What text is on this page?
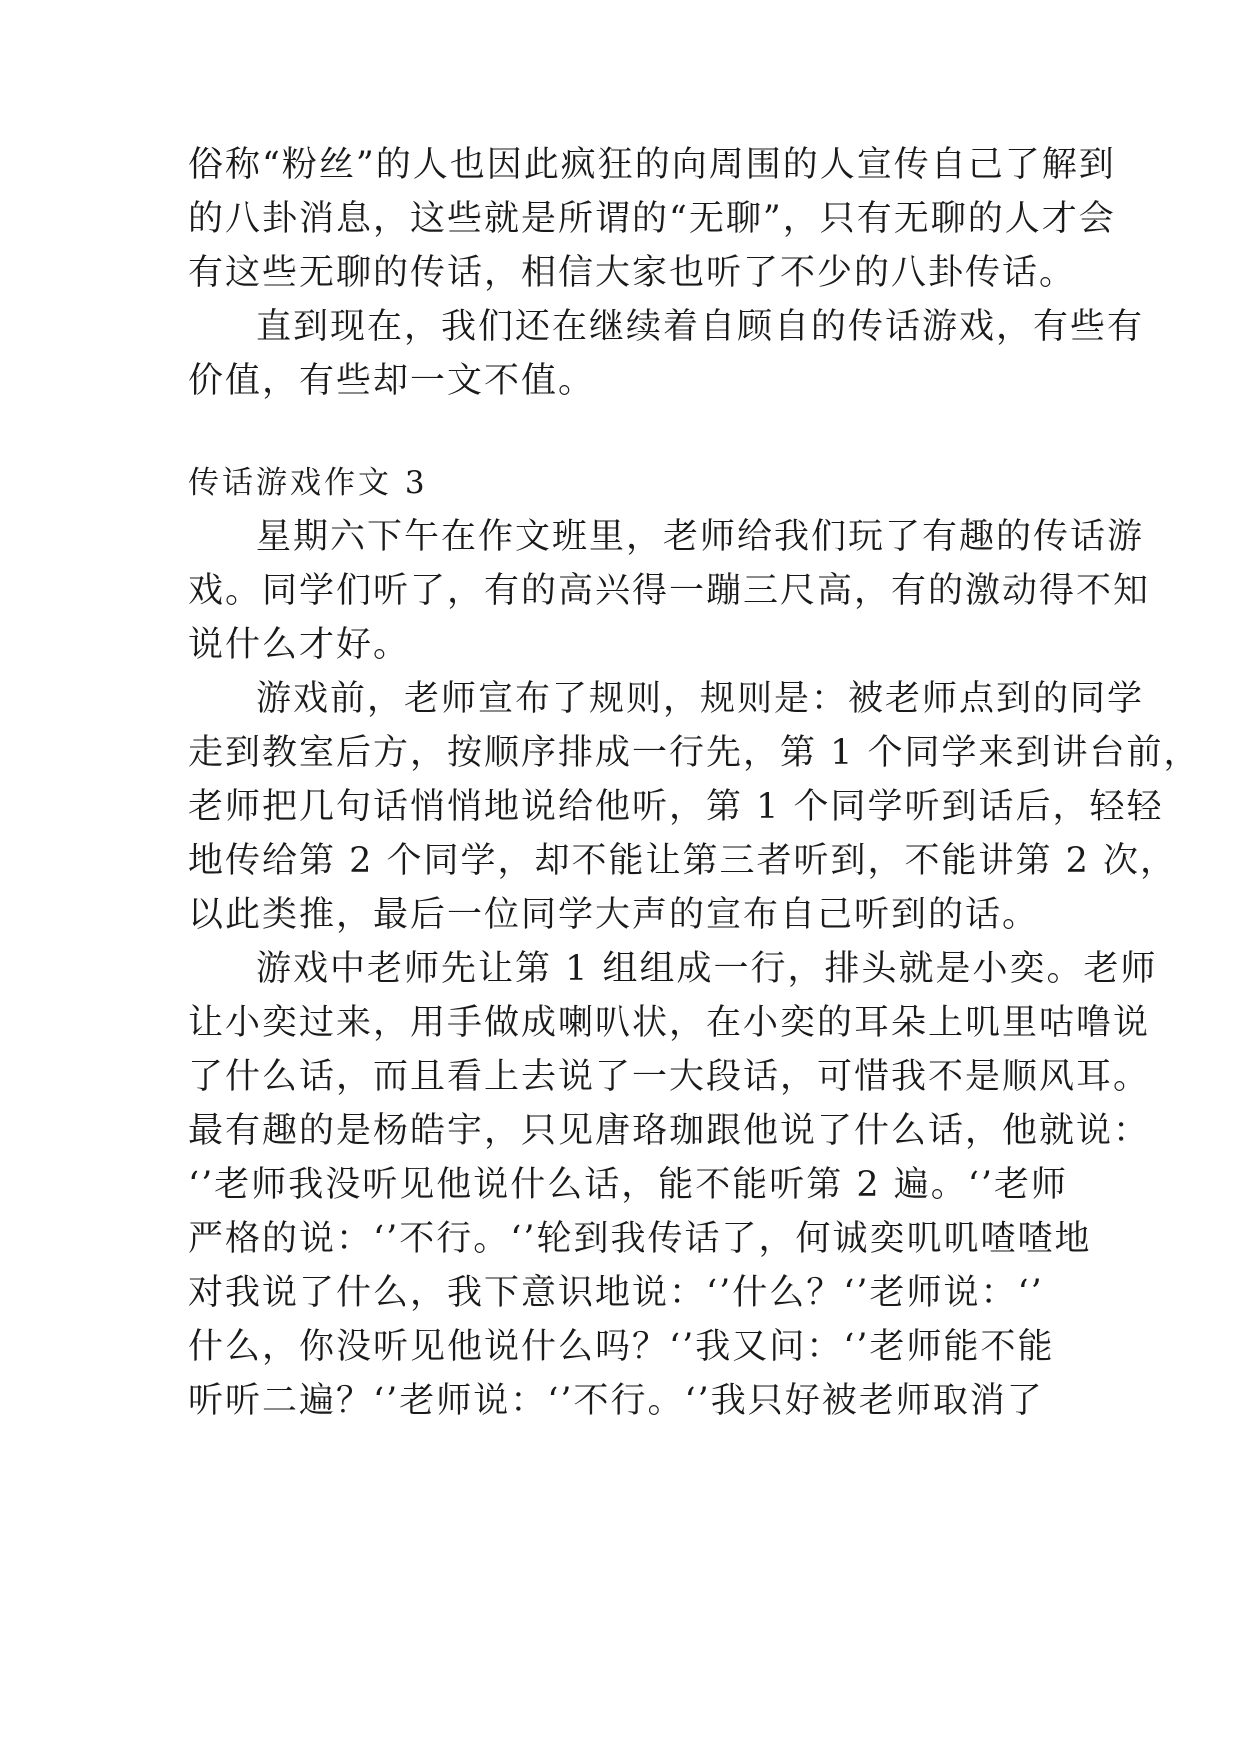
俗称“粉丝”的人也因此疯狂的向周围的人宣传自己了解到
的八卦消息，这些就是所谓的“无聊”，只有无聊的人才会
有这些无聊的传话，相信大家也听了不少的八卦传话。
直到现在，我们还在继续着自顾自的传话游戏，有些有
价值，有些却一文不值。
传话游戏作文 3
星期六下午在作文班里，老师给我们玩了有趣的传话游
戏。同学们听了，有的高兴得一蹦三尺高，有的激动得不知
说什么才好。
游戏前，老师宣布了规则，规则是：被老师点到的同学
走到教室后方，按顺序排成一行先，第 1 个同学来到讲台前，
老师把几句话悄悄地说给他听，第 1 个同学听到话后，轻轻
地传给第 2 个同学，却不能让第三者听到，不能讲第 2 次，
以此类推，最后一位同学大声的宣布自己听到的话。
游戏中老师先让第 1 组组成一行，排头就是小奕。老师
让小奕过来，用手做成喇叭状，在小奕的耳朵上叽里咕噜说
了什么话，而且看上去说了一大段话，可惜我不是顺风耳。
最有趣的是杨皓宇，只见唐珞珈跟他说了什么话，他就说：
‘’老师我没听见他说什么话，能不能听第 2 遍。‘’老师
严格的说：‘’不行。‘’轮到我传话了，何诚奕叽叽喳喳地
对我说了什么，我下意识地说：‘’什么？‘’老师说：‘’
什么，你没听见他说什么吗？‘’我又问：‘’老师能不能
听听二遍？‘’老师说：‘’不行。‘’我只好被老师取消了
